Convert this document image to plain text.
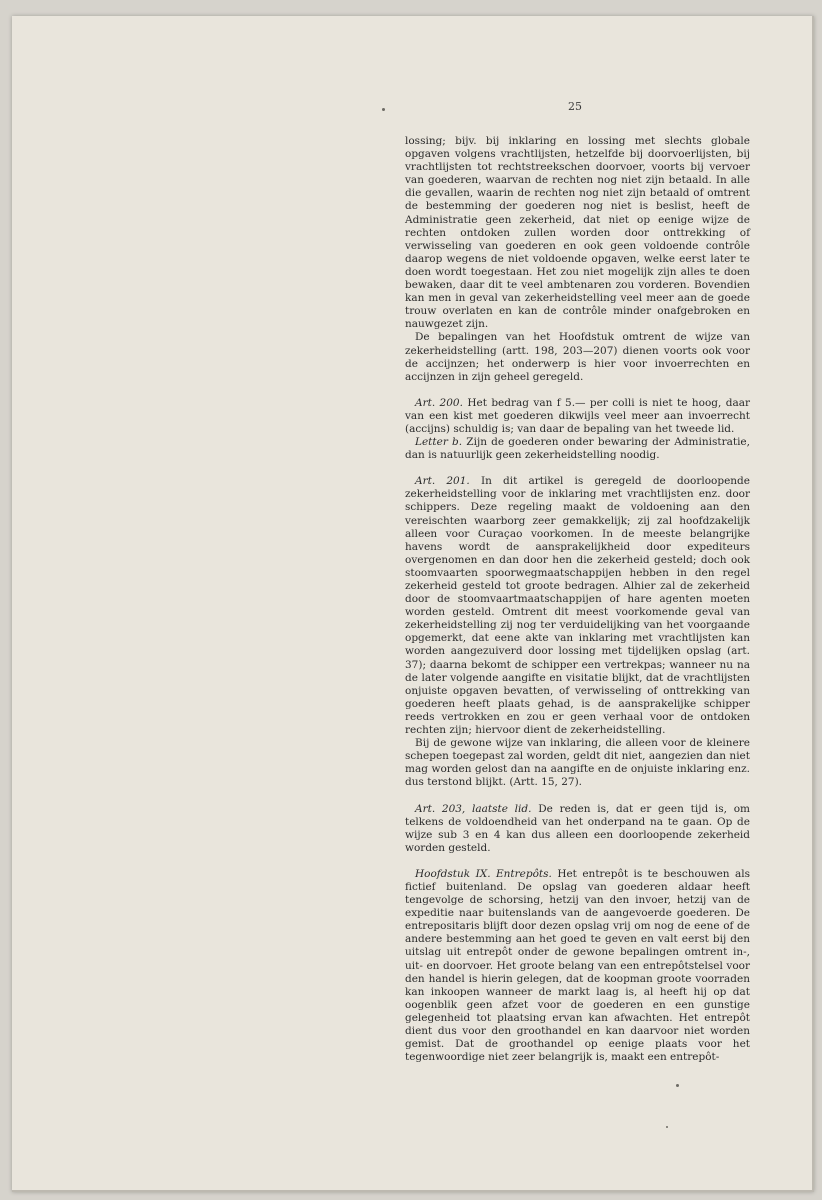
25

lossing; bijv. bij inklaring en lossing met slechts globale opgaven volgens vrachtlijsten, hetzelfde bij doorvoerlijsten, bij vrachtlijsten tot rechtstreekschen doorvoer, voorts bij vervoer van goederen, waarvan de rechten nog niet zijn betaald. In alle die gevallen, waarin de rechten nog niet zijn betaald of omtrent de bestemming der goederen nog niet is beslist, heeft de Administratie geen zekerheid, dat niet op eenige wijze de rechten ontdoken zullen worden door onttrekking of verwisseling van goederen en ook geen voldoende contrôle daarop wegens de niet voldoende opgaven, welke eerst later te doen wordt toegestaan. Het zou niet mogelijk zijn alles te doen bewaken, daar dit te veel ambtenaren zou vorderen. Bovendien kan men in geval van zekerheidstelling veel meer aan de goede trouw overlaten en kan de contrôle minder onafgebroken en nauwgezet zijn.

De bepalingen van het Hoofdstuk omtrent de wijze van zekerheidstelling (artt. 198, 203—207) dienen voorts ook voor de accijnzen; het onderwerp is hier voor invoerrechten en accijnzen in zijn geheel geregeld.

Art. 200. Het bedrag van f 5.— per colli is niet te hoog, daar van een kist met goederen dikwijls veel meer aan invoerrecht (accijns) schuldig is; van daar de bepaling van het tweede lid.

Letter b. Zijn de goederen onder bewaring der Administratie, dan is natuurlijk geen zekerheidstelling noodig.

Art. 201. In dit artikel is geregeld de doorloopende zekerheidstelling voor de inklaring met vrachtlijsten enz. door schippers. Deze regeling maakt de voldoening aan den vereischten waarborg zeer gemakkelijk; zij zal hoofdzakelijk alleen voor Curaçao voorkomen. In de meeste belangrijke havens wordt de aansprakelijkheid door expediteurs overgenomen en dan door hen die zekerheid gesteld; doch ook stoomvaarten spoorwegmaatschappijen hebben in den regel zekerheid gesteld tot groote bedragen. Alhier zal de zekerheid door de stoomvaartmaatschappijen of hare agenten moeten worden gesteld. Omtrent dit meest voorkomende geval van zekerheidstelling zij nog ter verduidelijking van het voorgaande opgemerkt, dat eene akte van inklaring met vrachtlijsten kan worden aangezuiverd door lossing met tijdelijken opslag (art. 37); daarna bekomt de schipper een vertrekpas; wanneer nu na de later volgende aangifte en visitatie blijkt, dat de vrachtlijsten onjuiste opgaven bevatten, of verwisseling of onttrekking van goederen heeft plaats gehad, is de aansprakelijke schipper reeds vertrokken en zou er geen verhaal voor de ontdoken rechten zijn; hiervoor dient de zekerheidstelling.

Bij de gewone wijze van inklaring, die alleen voor de kleinere schepen toegepast zal worden, geldt dit niet, aangezien dan niet mag worden gelost dan na aangifte en de onjuiste inklaring enz. dus terstond blijkt. (Artt. 15, 27).

Art. 203, laatste lid. De reden is, dat er geen tijd is, om telkens de voldoendheid van het onderpand na te gaan. Op de wijze sub 3 en 4 kan dus alleen een doorloopende zekerheid worden gesteld.

Hoofdstuk IX. Entrepôts. Het entrepôt is te beschouwen als fictief buitenland. De opslag van goederen aldaar heeft tengevolge de schorsing, hetzij van den invoer, hetzij van de expeditie naar buitenslands van de aangevoerde goederen. De entrepositaris blijft door dezen opslag vrij om nog de eene of de andere bestemming aan het goed te geven en valt eerst bij den uitslag uit entrepôt onder de gewone bepalingen omtrent in-, uit- en doorvoer. Het groote belang van een entrepôtstelsel voor den handel is hierin gelegen, dat de koopman groote voorraden kan inkoopen wanneer de markt laag is, al heeft hij op dat oogenblik geen afzet voor de goederen en een gunstige gelegenheid tot plaatsing ervan kan afwachten. Het entrepôt dient dus voor den groothandel en kan daarvoor niet worden gemist. Dat de groothandel op eenige plaats voor het tegenwoordige niet zeer belangrijk is, maakt een entrepôt-
